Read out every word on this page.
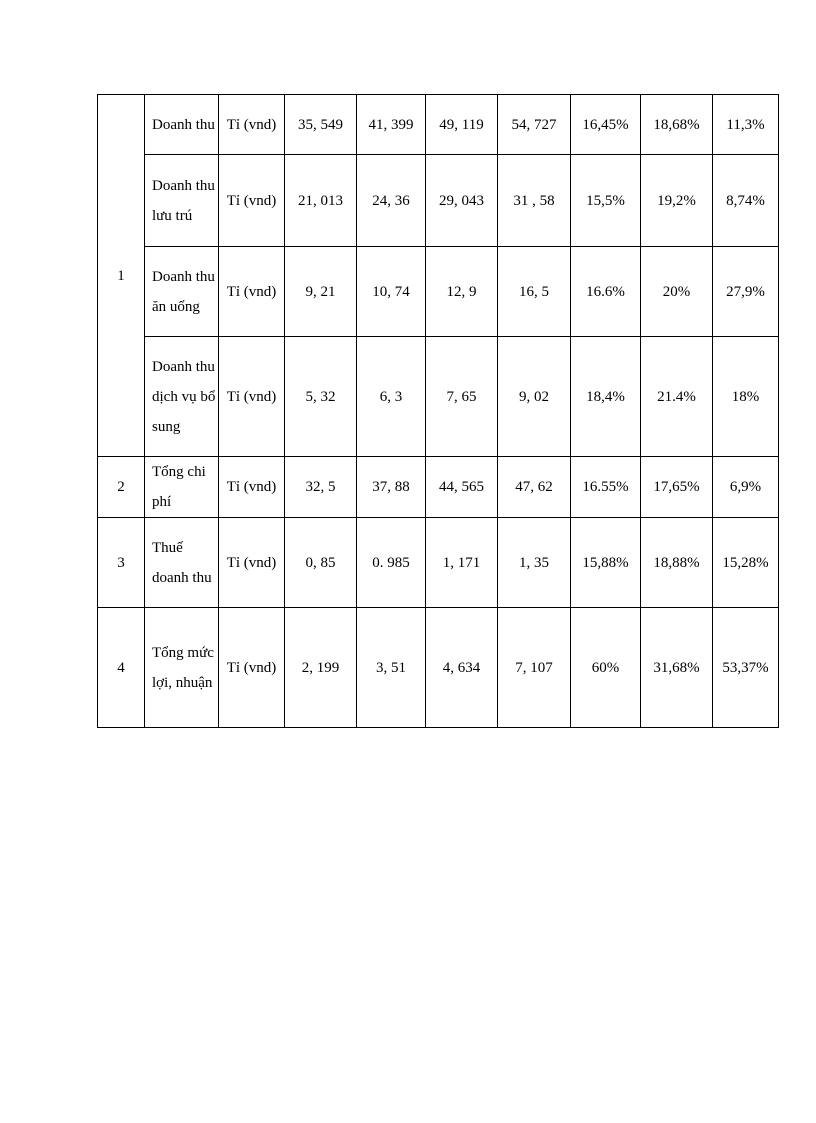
1	Doanh thu	Tỉ (vnd)	35, 549	41, 399	49, 119	54, 727	16,45%	18,68%	11,3%
	Doanh thu lưu trú	Tỉ (vnd)	21, 013	24, 36	29, 043	31 , 58	15,5%	19,2%	8,74%
	Doanh thu ăn uống	Tỉ (vnd)	9, 21	10, 74	12, 9	16, 5	16.6%	20%	27,9%
	Doanh thu dịch vụ bổ sung	Tỉ (vnd)	5, 32	6, 3	7, 65	9, 02	18,4%	21.4%	18%
2	Tổng chi phí	Tỉ (vnd)	32, 5	37, 88	44, 565	47, 62	16.55%	17,65%	6,9%
3	Thuế doanh thu	Tỉ (vnd)	0, 85	0. 985	1, 171	1, 35	15,88%	18,88%	15,28%
4	Tổng mức lợi, nhuận	Tỉ (vnd)	2, 199	3, 51	4, 634	7, 107	60%	31,68%	53,37%
